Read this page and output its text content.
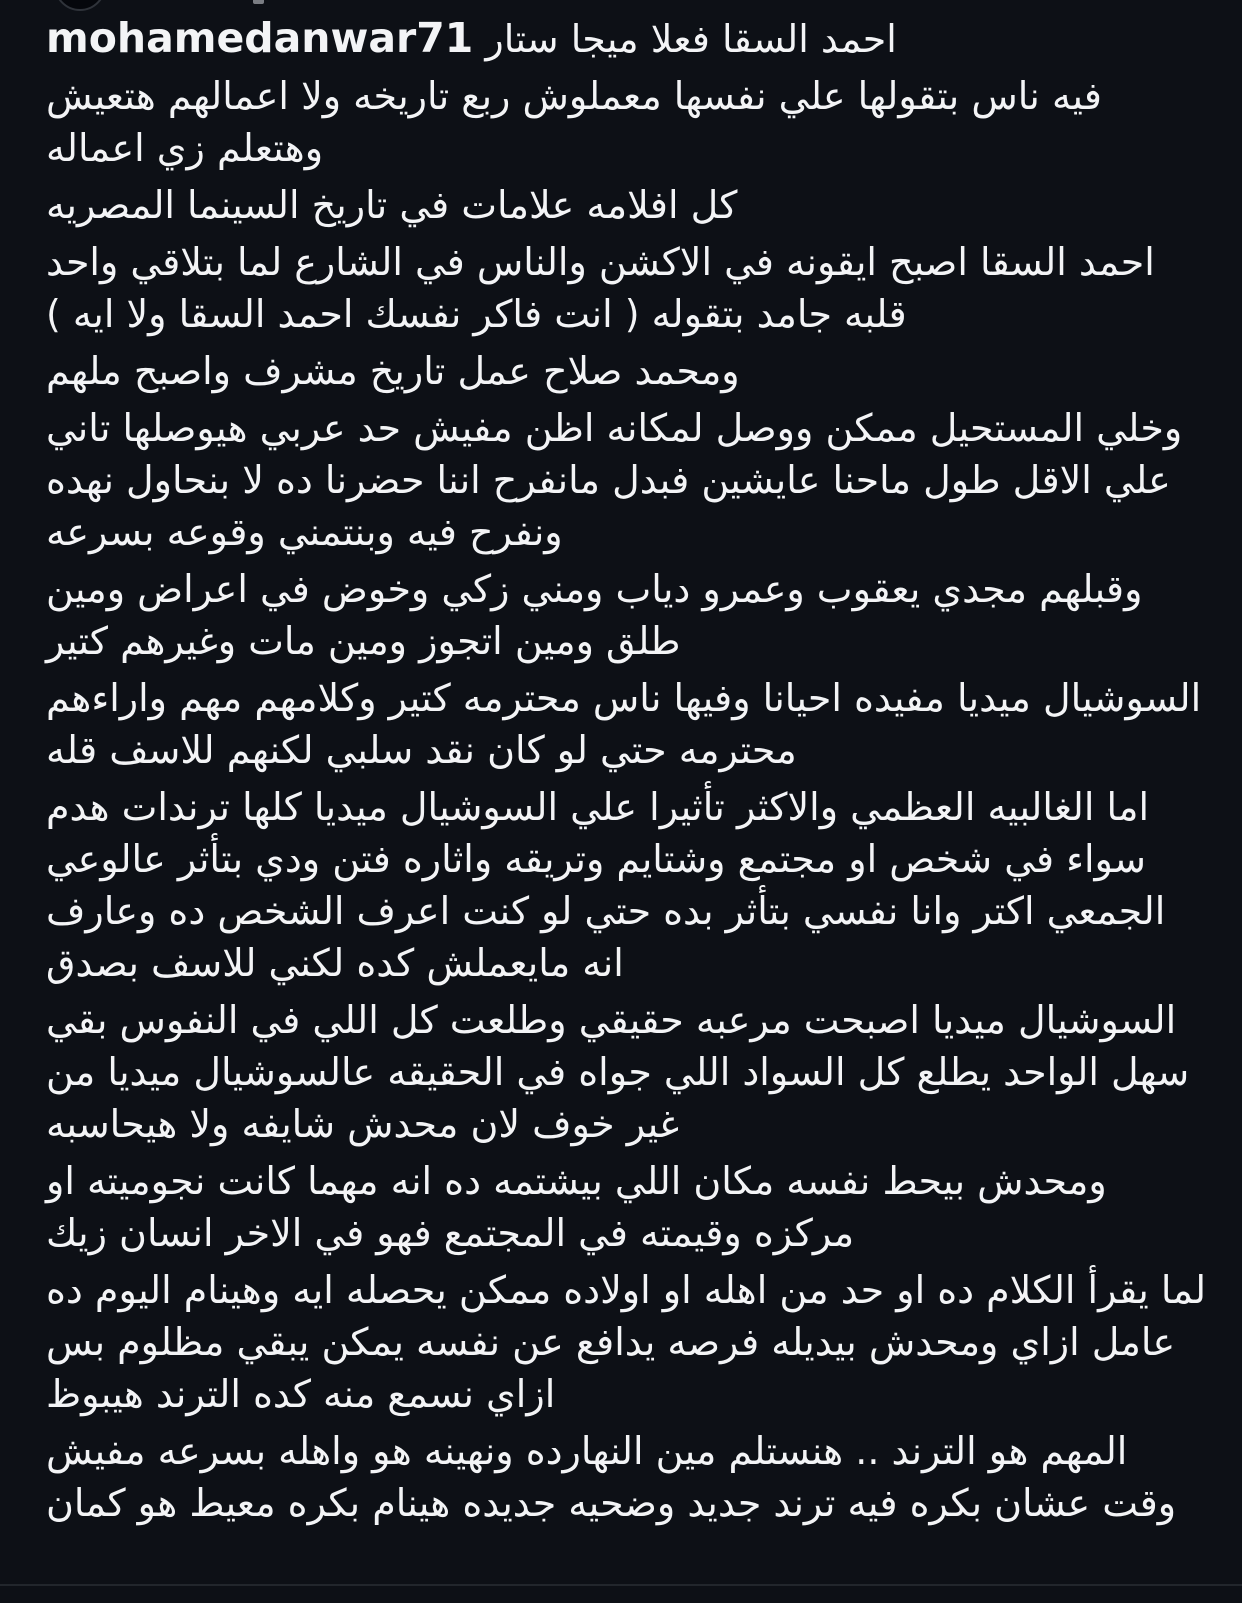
mohamedanwar71 احمد السقا فعلا ميجا ستار
فيه ناس بتقولها علي نفسها معملوش ربع تاريخه ولا اعمالهم هتعيش وهتعلم زي اعماله
كل افلامه علامات في تاريخ السينما المصريه
احمد السقا اصبح ايقونه في الاكشن والناس في الشارع لما بتلاقي واحد قلبه جامد بتقوله ( انت فاكر نفسك احمد السقا ولا ايه )
ومحمد صلاح عمل تاريخ مشرف واصبح ملهم
وخلي المستحيل ممكن ووصل لمكانه اظن مفيش حد عربي هيوصلها تاني علي الاقل طول ماحنا عايشين فبدل مانفرح اننا حضرنا ده لا بنحاول نهده ونفرح فيه وبنتمني وقوعه بسرعه
وقبلهم مجدي يعقوب وعمرو دياب ومني زكي وخوض في اعراض ومين طلق ومين اتجوز ومين مات وغيرهم كتير
السوشيال ميديا مفيده احيانا وفيها ناس محترمه كتير وكلامهم مهم واراءهم محترمه حتي لو كان نقد سلبي لكنهم للاسف قله
اما الغالبيه العظمي والاكثر تأثيرا علي السوشيال ميديا كلها ترندات هدم سواء في شخص او مجتمع وشتايم وتريقه واثاره فتن ودي بتأثر عالوعي الجمعي اكتر وانا نفسي بتأثر بده حتي لو كنت اعرف الشخص ده وعارف انه مايعملش كده لكني للاسف بصدق
السوشيال ميديا اصبحت مرعبه حقيقي وطلعت كل اللي في النفوس بقي سهل الواحد يطلع كل السواد اللي جواه في الحقيقه عالسوشيال ميديا من غير خوف لان محدش شايفه ولا هيحاسبه
ومحدش بيحط نفسه مكان اللي بيشتمه ده انه مهما كانت نجوميته او مركزه وقيمته في المجتمع فهو في الاخر انسان زيك
لما يقرأ الكلام ده او حد من اهله او اولاده ممكن يحصله ايه وهينام اليوم ده عامل ازاي ومحدش بيديله فرصه يدافع عن نفسه يمكن يبقي مظلوم بس ازاي نسمع منه كده الترند هيبوظ
المهم هو الترند .. هنستلم مين النهارده ونهينه هو واهله بسرعه مفيش وقت عشان بكره فيه ترند جديد وضحيه جديده هينام بكره معيط هو كمان
